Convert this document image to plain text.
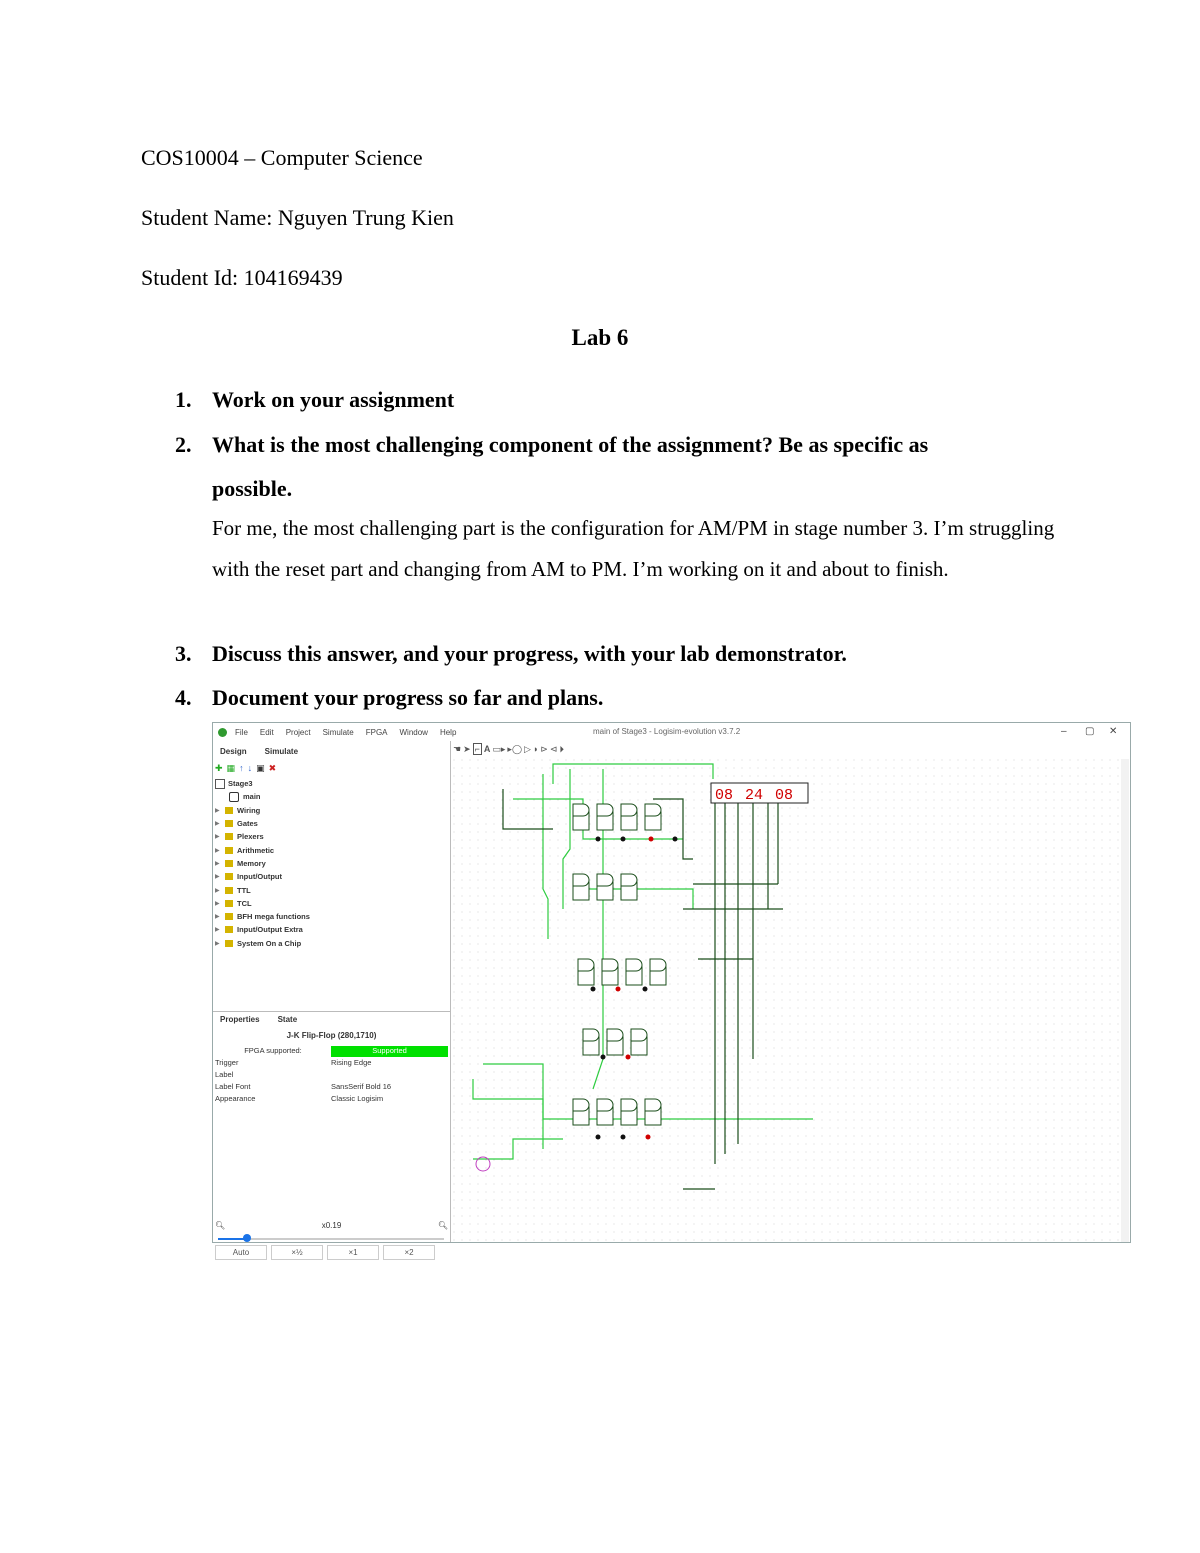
COS10004 – Computer Science
Student Name: Nguyen Trung Kien
Student Id: 104169439
Lab 6
1. Work on your assignment
2. What is the most challenging component of the assignment? Be as specific as
possible.
For me, the most challenging part is the configuration for AM/PM in stage number 3. I’m struggling with the reset part and changing from AM to PM. I’m working on it and about to finish.
3. Discuss this answer, and your progress, with your lab demonstrator.
4. Document your progress so far and plans.
File Edit Project Simulate FPGA Window Help	main of Stage3 - Logisim-evolution v3.7.2	– ▢ ✕
Design Simulate
✚ ▦ ↑ ↓ ▣ ✖
Stage3
main
▶	Wiring
▶	Gates
▶	Plexers
▶	Arithmetic
▶	Memory
▶	Input/Output
▶	TTL
▶	TCL
▶	BFH mega functions
▶	Input/Output Extra
▶	System On a Chip
Properties State
J-K Flip-Flop (280,1710)
FPGA supported:	Supported
Trigger	Rising Edge
Label
Label Font	SansSerif Bold 16
Appearance	Classic Logisim
🔍︎	x0.19	🔍︎
Auto	×½	×1	×2
☚ ➤ ⌐ A ▭▸ ▸◯ ▷ ◗ ⊳ ⊲ ⏵
08 24 08
